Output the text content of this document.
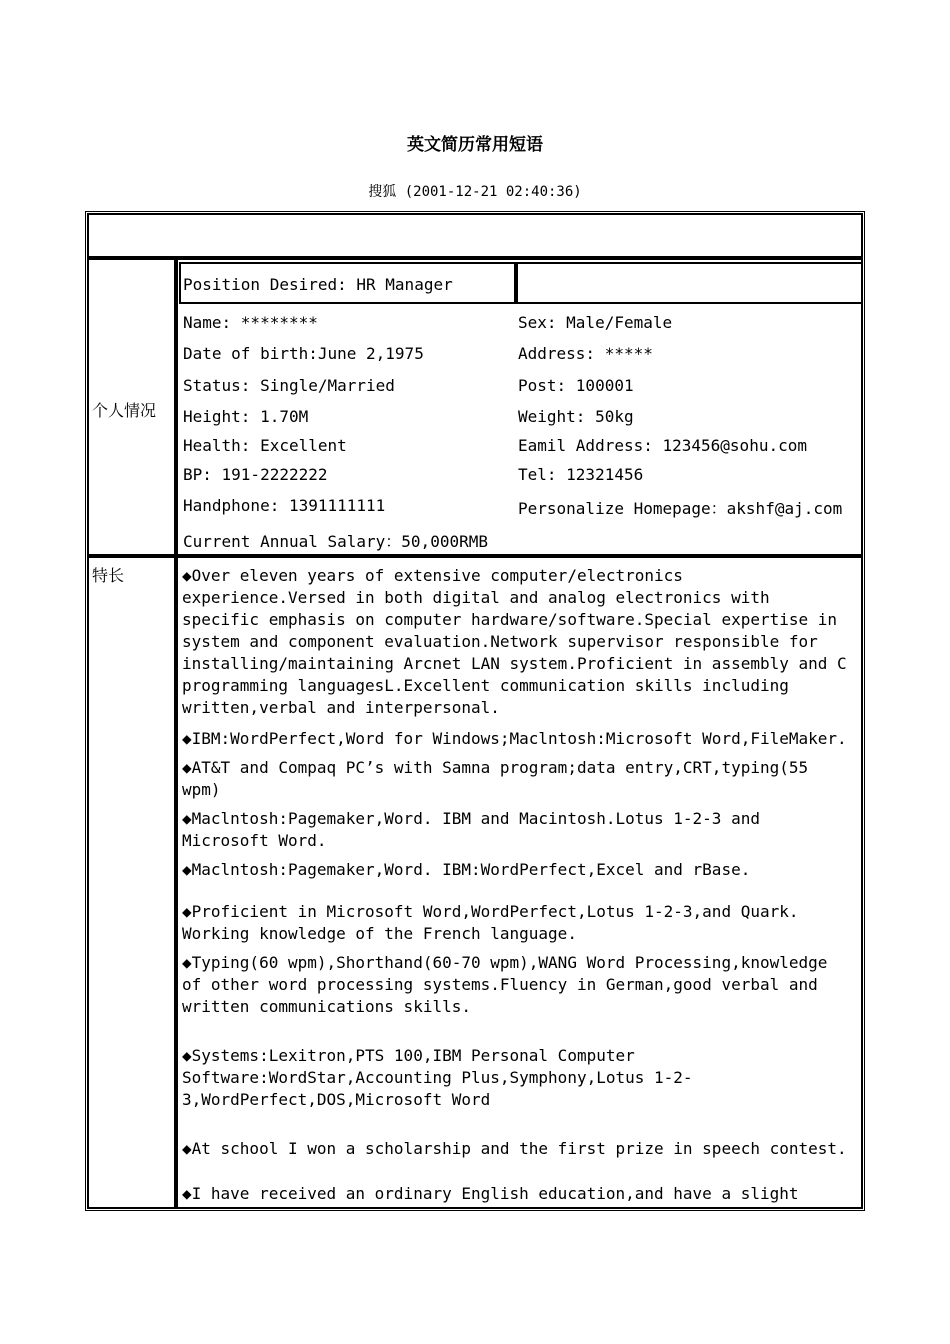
英文简历常用短语
搜狐 (2001-12-21 02:40:36)
个人情况
Position Desired: HR Manager
Name: ********
Date of birth:June 2,1975
Status: Single/Married
Height: 1.70M
Health: Excellent
BP: 191-2222222
Handphone: 1391111111
Current Annual Salary：50,000RMB
Sex: Male/Female
Address: *****
Post: 100001
Weight: 50kg
Eamil Address: 123456@sohu.com
Tel: 12321456
Personalize Homepage：akshf@aj.com
特长	◆Over eleven years of extensive computer/electronics experience.Versed in both digital and analog electronics with specific emphasis on computer hardware/software.Special expertise in system and component evaluation.Network supervisor responsible for installing/maintaining Arcnet LAN system.Proficient in assembly and C programming languagesL.Excellent communication skills including written,verbal and interpersonal.
◆IBM:WordPerfect,Word for Windows;Maclntosh:Microsoft Word,FileMaker.
◆AT&T and Compaq PC’s with Samna program;data entry,CRT,typing(55 wpm)
◆Maclntosh:Pagemaker,Word. IBM and Macintosh.Lotus 1-2-3 and Microsoft Word.
◆Maclntosh:Pagemaker,Word. IBM:WordPerfect,Excel and rBase.
◆Proficient in Microsoft Word,WordPerfect,Lotus 1-2-3,and Quark. Working knowledge of the French language.
◆Typing(60 wpm),Shorthand(60-70 wpm),WANG Word Processing,knowledge of other word processing systems.Fluency in German,good verbal and written communications skills.
◆Systems:Lexitron,PTS 100,IBM Personal Computer Software:WordStar,Accounting Plus,Symphony,Lotus 1-2-3,WordPerfect,DOS,Microsoft Word
◆At school I won a scholarship and the first prize in speech contest.
◆I have received an ordinary English education,and have a slight
